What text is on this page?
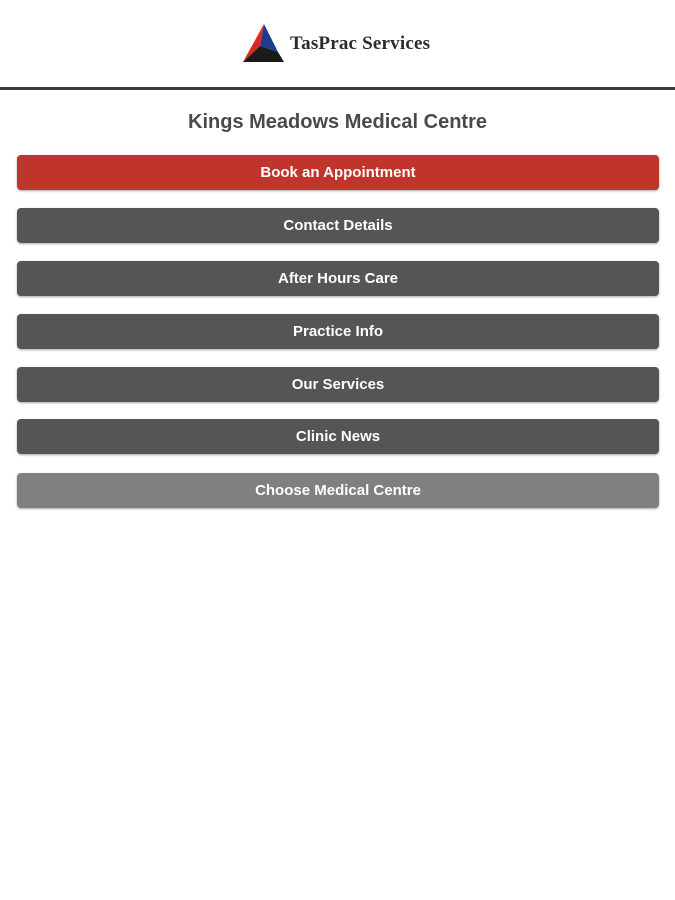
TasPrac Services
Kings Meadows Medical Centre
Book an Appointment
Contact Details
After Hours Care
Practice Info
Our Services
Clinic News
Choose Medical Centre
